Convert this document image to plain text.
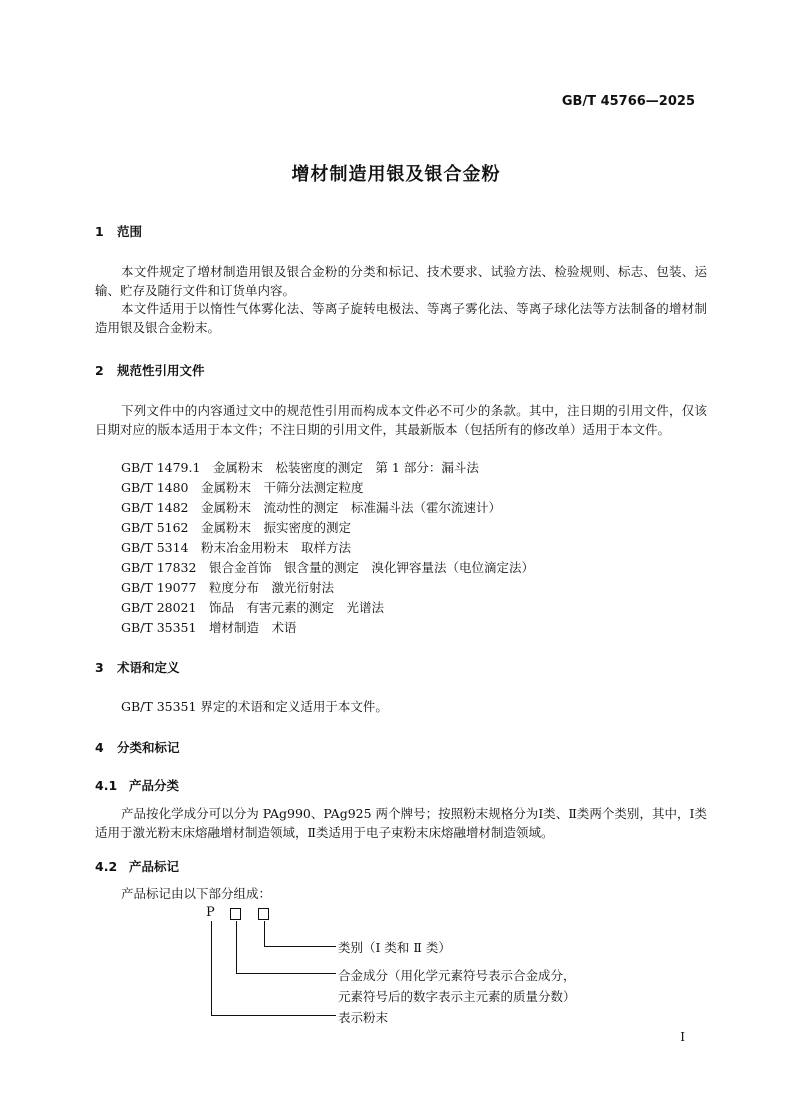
GB/T 45766—2025
增材制造用银及银合金粉
1 范围
本文件规定了增材制造用银及银合金粉的分类和标记、技术要求、试验方法、检验规则、标志、包装、运输、贮存及随行文件和订货单内容。
本文件适用于以惰性气体雾化法、等离子旋转电极法、等离子雾化法、等离子球化法等方法制备的增材制造用银及银合金粉末。
2 规范性引用文件
下列文件中的内容通过文中的规范性引用而构成本文件必不可少的条款。其中，注日期的引用文件，仅该日期对应的版本适用于本文件；不注日期的引用文件，其最新版本（包括所有的修改单）适用于本文件。
GB/T 1479.1　金属粉末　松装密度的测定　第 1 部分：漏斗法
GB/T 1480　金属粉末　干筛分法测定粒度
GB/T 1482　金属粉末　流动性的测定　标准漏斗法（霍尔流速计）
GB/T 5162　金属粉末　振实密度的测定
GB/T 5314　粉末冶金用粉末　取样方法
GB/T 17832　银合金首饰　银含量的测定　溴化钾容量法（电位滴定法）
GB/T 19077　粒度分布　激光衍射法
GB/T 28021　饰品　有害元素的测定　光谱法
GB/T 35351　增材制造　术语
3 术语和定义
GB/T 35351 界定的术语和定义适用于本文件。
4 分类和标记
4.1 产品分类
产品按化学成分可以分为 PAg990、PAg925 两个牌号；按照粉末规格分为Ⅰ类、Ⅱ类两个类别，其中，Ⅰ类适用于激光粉末床熔融增材制造领域，Ⅱ类适用于电子束粉末床熔融增材制造领域。
4.2 产品标记
产品标记由以下部分组成：
P
类别（Ⅰ 类和 Ⅱ 类）
合金成分（用化学元素符号表示合金成分，
元素符号后的数字表示主元素的质量分数）
表示粉末
I
